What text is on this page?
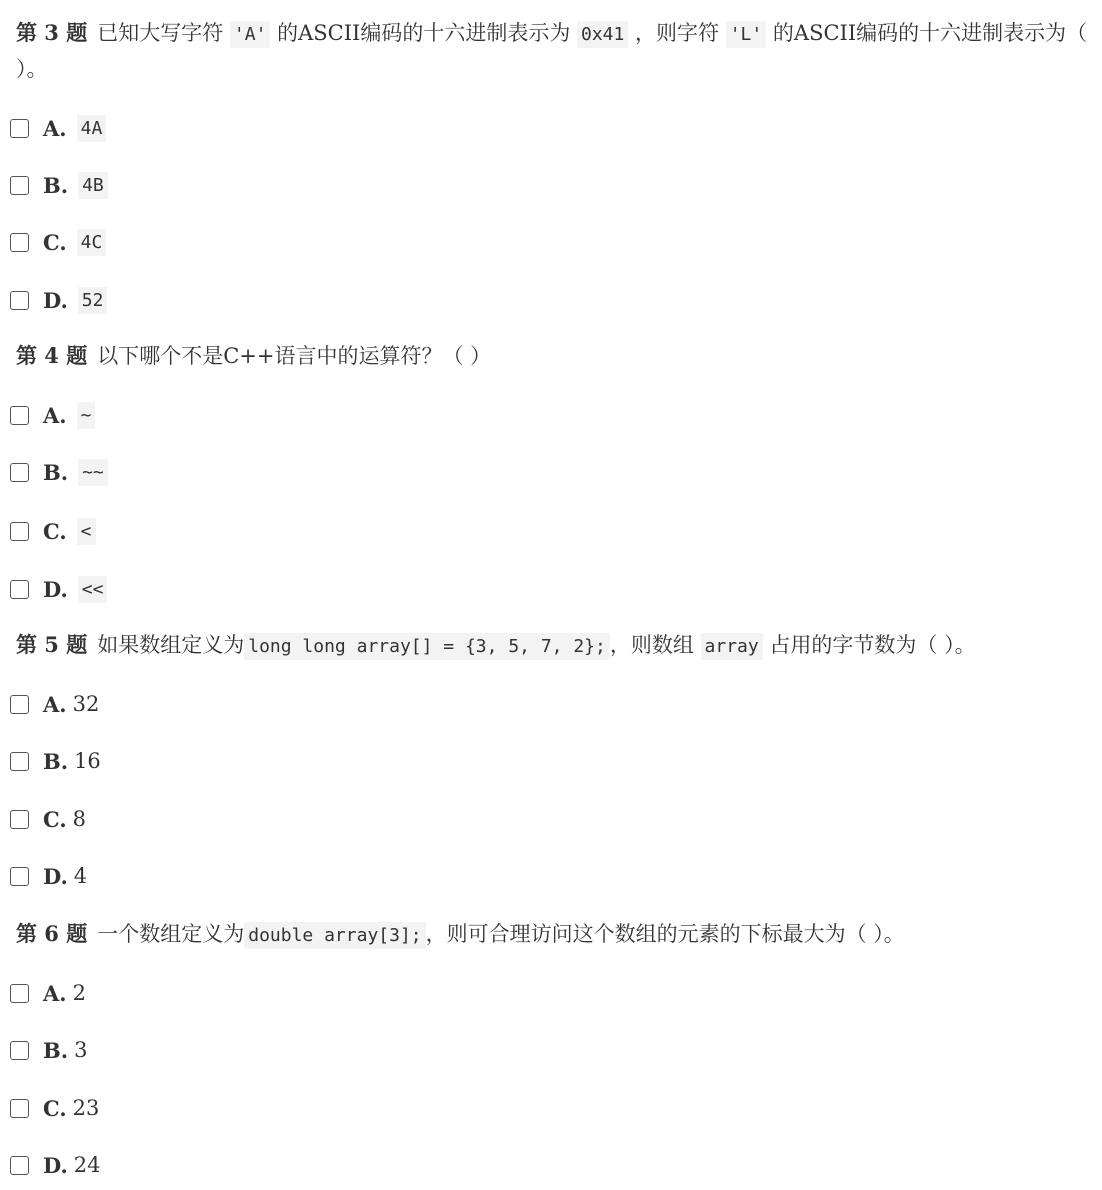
第 3 题 已知大写字符 'A' 的ASCII编码的十六进制表示为 0x41 ，则字符 'L' 的ASCII编码的十六进制表示为（ ）。

A. 4A
B. 4B
C. 4C
D. 52

第 4 题 以下哪个不是C++语言中的运算符？（ ）

A. ~
B. ~~
C. <
D. <<

第 5 题 如果数组定义为 long long array[] = {3, 5, 7, 2}; ，则数组 array 占用的字节数为（ ）。

A. 32
B. 16
C. 8
D. 4

第 6 题 一个数组定义为 double array[3]; ，则可合理访问这个数组的元素的下标最大为（ ）。

A. 2
B. 3
C. 23
D. 24
